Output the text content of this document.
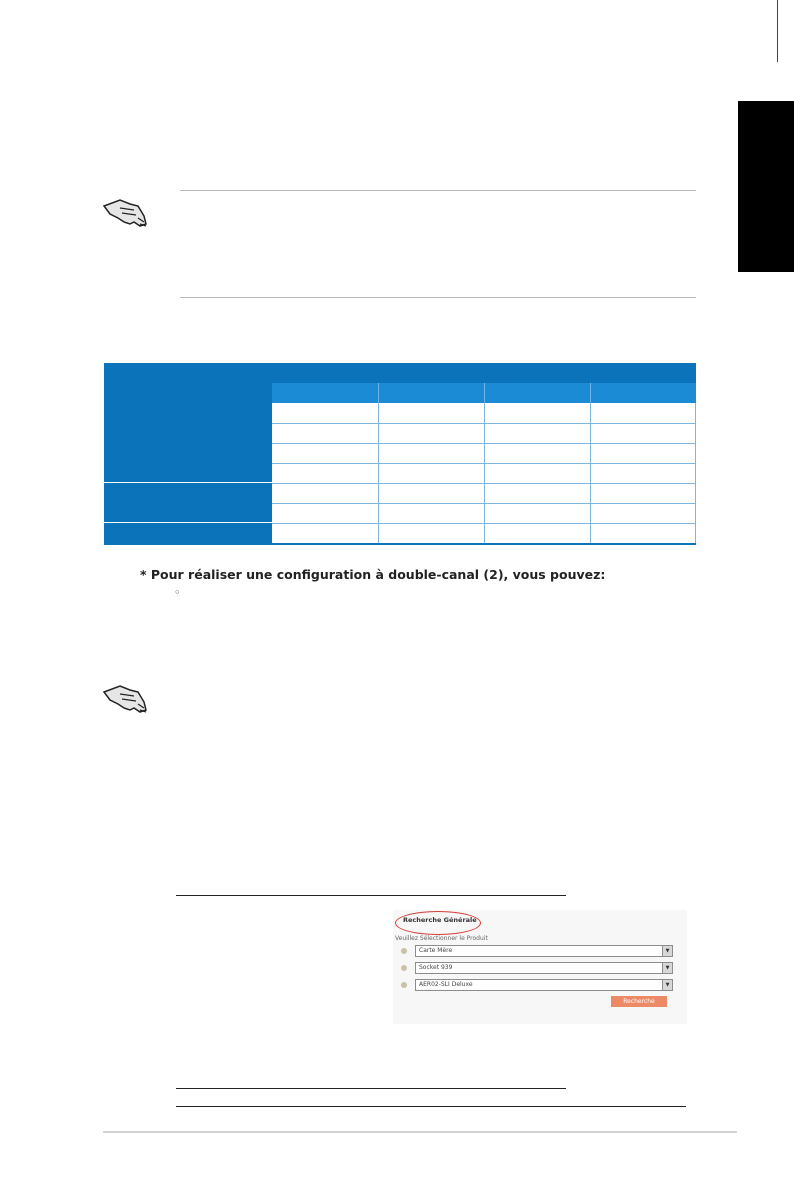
* Pour réaliser une configuration à double-canal (2), vous pouvez:
◦
Recherche Générale
Veuillez Sélectionner le Produit
Carte Mère	▼
Socket 939	▼
AER02-SLI Deluxe	▼
Recherche
